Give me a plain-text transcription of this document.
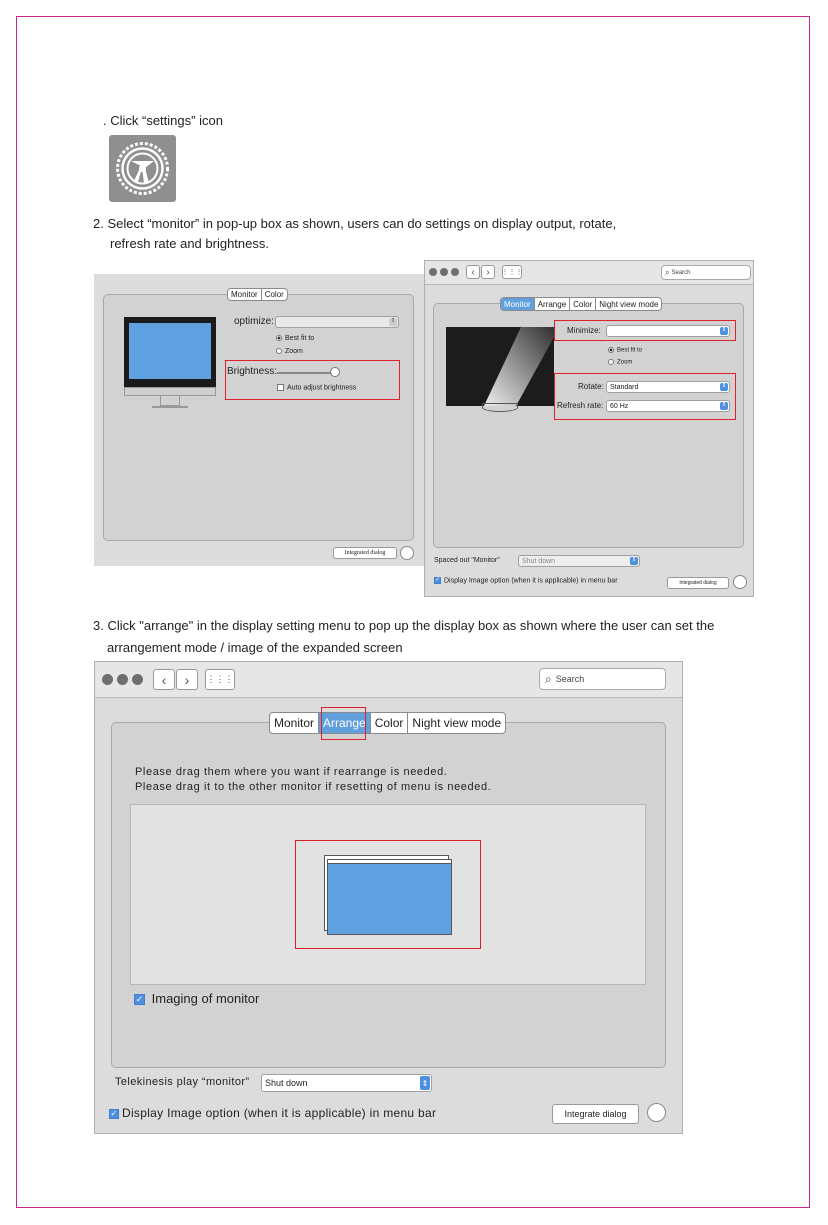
. Click “settings” icon

2. Select “monitor” in pop-up box as shown, users can do settings on display output, rotate,

refresh rate and brightness.

Monitor Color
optimize:	⇕
Best fit to
Zoom
Brightness:
Auto adjust brightness
Integrated dialog
‹	›	⋮⋮⋮	⌕ Search
Monitor Arrange Color Night view mode
Minimize:	⇕
Best fit to
Zoom
Rotate: Standard	⇕
Refresh rate: 60 Hz	⇕
Spaced out "Monitor"	Shut down	⇕
✓ Display Image option (when it is applicable) in menu bar	Integrated dialog

3. Click "arrange" in the display setting menu to pop up the display box as shown where the user can set the

arrangement mode / image of the expanded screen

‹	›	⋮⋮⋮	⌕ Search
Monitor Arrange Color Night view mode
Please drag them where you want if rearrange is needed.
Please drag it to the other monitor if resetting of menu is needed.
✓ Imaging of monitor
Telekinesis play “monitor” Shut down	⇕
✓ Display Image option (when it is applicable) in menu bar	Integrate dialog
